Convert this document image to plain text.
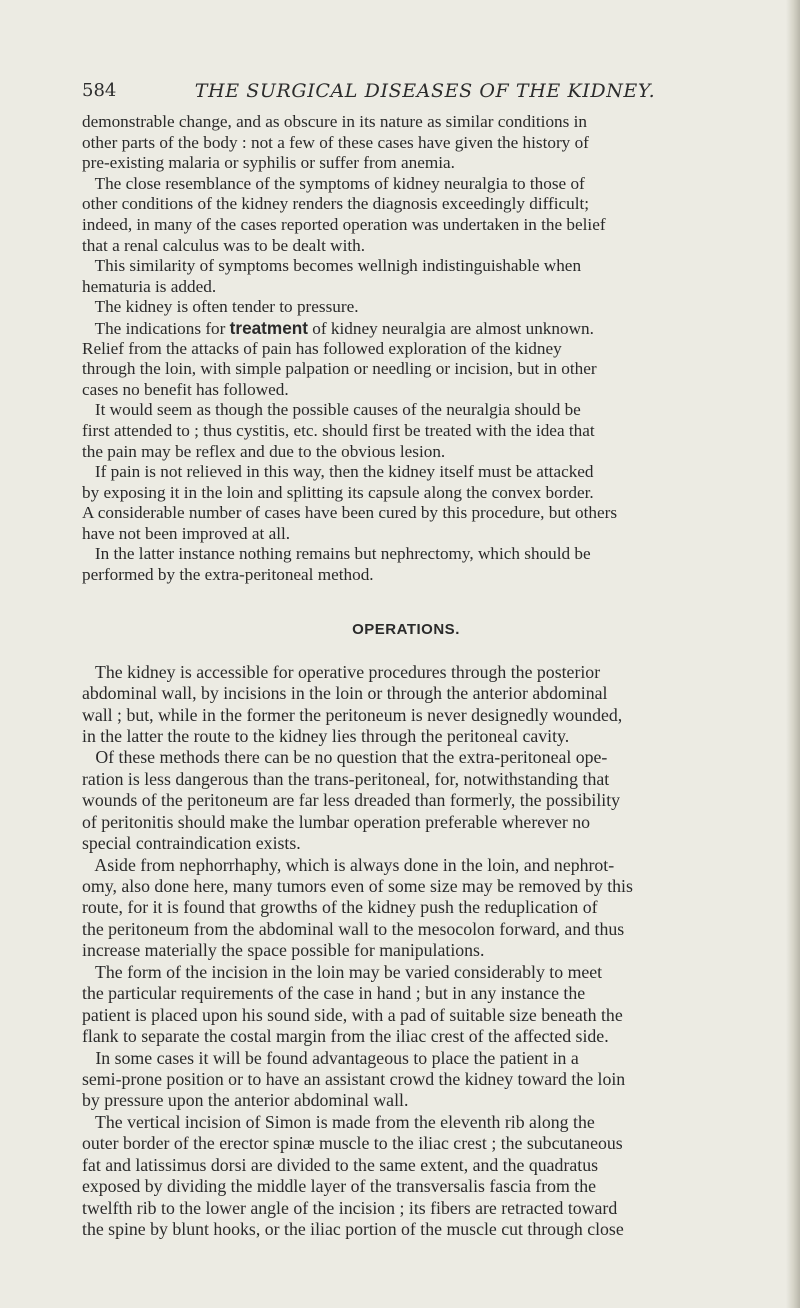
584	THE SURGICAL DISEASES OF THE KIDNEY.
demonstrable change, and as obscure in its nature as similar conditions in
other parts of the body : not a few of these cases have given the history of
pre-existing malaria or syphilis or suffer from anemia.
The close resemblance of the symptoms of kidney neuralgia to those of
other conditions of the kidney renders the diagnosis exceedingly difficult;
indeed, in many of the cases reported operation was undertaken in the belief
that a renal calculus was to be dealt with.
This similarity of symptoms becomes wellnigh indistinguishable when
hematuria is added.
The kidney is often tender to pressure.
The indications for treatment of kidney neuralgia are almost unknown.
Relief from the attacks of pain has followed exploration of the kidney
through the loin, with simple palpation or needling or incision, but in other
cases no benefit has followed.
It would seem as though the possible causes of the neuralgia should be
first attended to ; thus cystitis, etc. should first be treated with the idea that
the pain may be reflex and due to the obvious lesion.
If pain is not relieved in this way, then the kidney itself must be attacked
by exposing it in the loin and splitting its capsule along the convex border.
A considerable number of cases have been cured by this procedure, but others
have not been improved at all.
In the latter instance nothing remains but nephrectomy, which should be
performed by the extra-peritoneal method.
OPERATIONS.
The kidney is accessible for operative procedures through the posterior
abdominal wall, by incisions in the loin or through the anterior abdominal
wall ; but, while in the former the peritoneum is never designedly wounded,
in the latter the route to the kidney lies through the peritoneal cavity.
Of these methods there can be no question that the extra-peritoneal ope-
ration is less dangerous than the trans-peritoneal, for, notwithstanding that
wounds of the peritoneum are far less dreaded than formerly, the possibility
of peritonitis should make the lumbar operation preferable wherever no
special contraindication exists.
Aside from nephorrhaphy, which is always done in the loin, and nephrot-
omy, also done here, many tumors even of some size may be removed by this
route, for it is found that growths of the kidney push the reduplication of
the peritoneum from the abdominal wall to the mesocolon forward, and thus
increase materially the space possible for manipulations.
The form of the incision in the loin may be varied considerably to meet
the particular requirements of the case in hand ; but in any instance the
patient is placed upon his sound side, with a pad of suitable size beneath the
flank to separate the costal margin from the iliac crest of the affected side.
In some cases it will be found advantageous to place the patient in a
semi-prone position or to have an assistant crowd the kidney toward the loin
by pressure upon the anterior abdominal wall.
The vertical incision of Simon is made from the eleventh rib along the
outer border of the erector spinæ muscle to the iliac crest ; the subcutaneous
fat and latissimus dorsi are divided to the same extent, and the quadratus
exposed by dividing the middle layer of the transversalis fascia from the
twelfth rib to the lower angle of the incision ; its fibers are retracted toward
the spine by blunt hooks, or the iliac portion of the muscle cut through close
